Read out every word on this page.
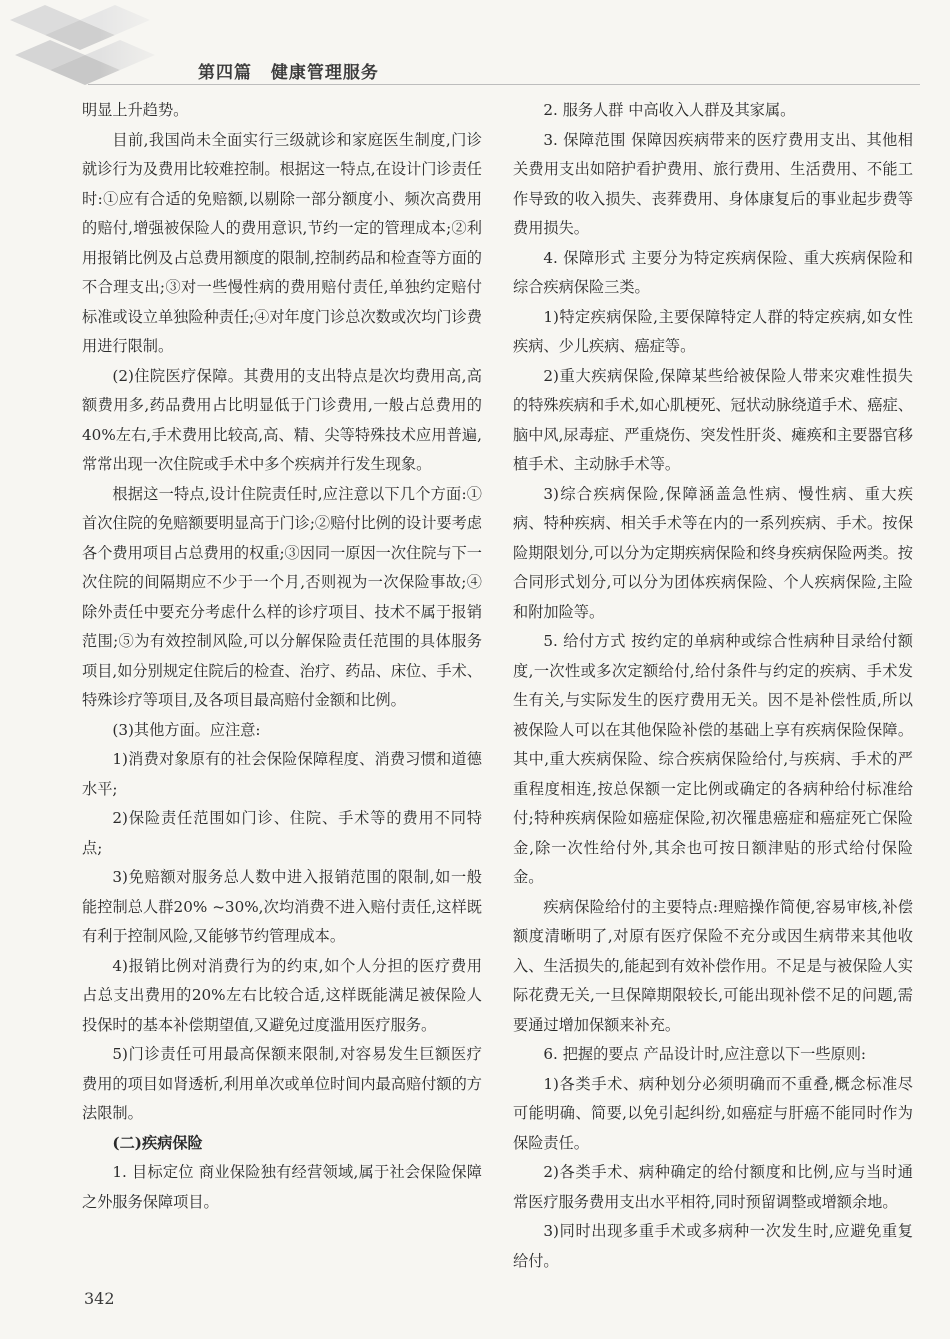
第四篇 健康管理服务

明显上升趋势。

目前,我国尚未全面实行三级就诊和家庭医生制度,门诊就诊行为及费用比较难控制。根据这一特点,在设计门诊责任时:①应有合适的免赔额,以剔除一部分额度小、频次高费用的赔付,增强被保险人的费用意识,节约一定的管理成本;②利用报销比例及占总费用额度的限制,控制药品和检查等方面的不合理支出;③对一些慢性病的费用赔付责任,单独约定赔付标准或设立单独险种责任;④对年度门诊总次数或次均门诊费用进行限制。

(2)住院医疗保障。其费用的支出特点是次均费用高,高额费用多,药品费用占比明显低于门诊费用,一般占总费用的40%左右,手术费用比较高,高、精、尖等特殊技术应用普遍,常常出现一次住院或手术中多个疾病并行发生现象。

根据这一特点,设计住院责任时,应注意以下几个方面:①首次住院的免赔额要明显高于门诊;②赔付比例的设计要考虑各个费用项目占总费用的权重;③因同一原因一次住院与下一次住院的间隔期应不少于一个月,否则视为一次保险事故;④除外责任中要充分考虑什么样的诊疗项目、技术不属于报销范围;⑤为有效控制风险,可以分解保险责任范围的具体服务项目,如分别规定住院后的检查、治疗、药品、床位、手术、特殊诊疗等项目,及各项目最高赔付金额和比例。

(3)其他方面。应注意:

1)消费对象原有的社会保险保障程度、消费习惯和道德水平;

2)保险责任范围如门诊、住院、手术等的费用不同特点;

3)免赔额对服务总人数中进入报销范围的限制,如一般能控制总人群20% ~30%,次均消费不进入赔付责任,这样既有利于控制风险,又能够节约管理成本。

4)报销比例对消费行为的约束,如个人分担的医疗费用占总支出费用的20%左右比较合适,这样既能满足被保险人投保时的基本补偿期望值,又避免过度滥用医疗服务。

5)门诊责任可用最高保额来限制,对容易发生巨额医疗费用的项目如肾透析,利用单次或单位时间内最高赔付额的方法限制。

(二)疾病保险

1. 目标定位 商业保险独有经营领域,属于社会保险保障之外服务保障项目。

2. 服务人群 中高收入人群及其家属。

3. 保障范围 保障因疾病带来的医疗费用支出、其他相关费用支出如陪护看护费用、旅行费用、生活费用、不能工作导致的收入损失、丧葬费用、身体康复后的事业起步费等费用损失。

4. 保障形式 主要分为特定疾病保险、重大疾病保险和综合疾病保险三类。

1)特定疾病保险,主要保障特定人群的特定疾病,如女性疾病、少儿疾病、癌症等。

2)重大疾病保险,保障某些给被保险人带来灾难性损失的特殊疾病和手术,如心肌梗死、冠状动脉绕道手术、癌症、脑中风,尿毒症、严重烧伤、突发性肝炎、瘫痪和主要器官移植手术、主动脉手术等。

3)综合疾病保险,保障涵盖急性病、慢性病、重大疾病、特种疾病、相关手术等在内的一系列疾病、手术。按保险期限划分,可以分为定期疾病保险和终身疾病保险两类。按合同形式划分,可以分为团体疾病保险、个人疾病保险,主险和附加险等。

5. 给付方式 按约定的单病种或综合性病种目录给付额度,一次性或多次定额给付,给付条件与约定的疾病、手术发生有关,与实际发生的医疗费用无关。因不是补偿性质,所以被保险人可以在其他保险补偿的基础上享有疾病保险保障。其中,重大疾病保险、综合疾病保险给付,与疾病、手术的严重程度相连,按总保额一定比例或确定的各病种给付标准给付;特种疾病保险如癌症保险,初次罹患癌症和癌症死亡保险金,除一次性给付外,其余也可按日额津贴的形式给付保险金。

疾病保险给付的主要特点:理赔操作简便,容易审核,补偿额度清晰明了,对原有医疗保险不充分或因生病带来其他收入、生活损失的,能起到有效补偿作用。不足是与被保险人实际花费无关,一旦保障期限较长,可能出现补偿不足的问题,需要通过增加保额来补充。

6. 把握的要点 产品设计时,应注意以下一些原则:

1)各类手术、病种划分必须明确而不重叠,概念标准尽可能明确、简要,以免引起纠纷,如癌症与肝癌不能同时作为保险责任。

2)各类手术、病种确定的给付额度和比例,应与当时通常医疗服务费用支出水平相符,同时预留调整或增额余地。

3)同时出现多重手术或多病种一次发生时,应避免重复给付。

342
